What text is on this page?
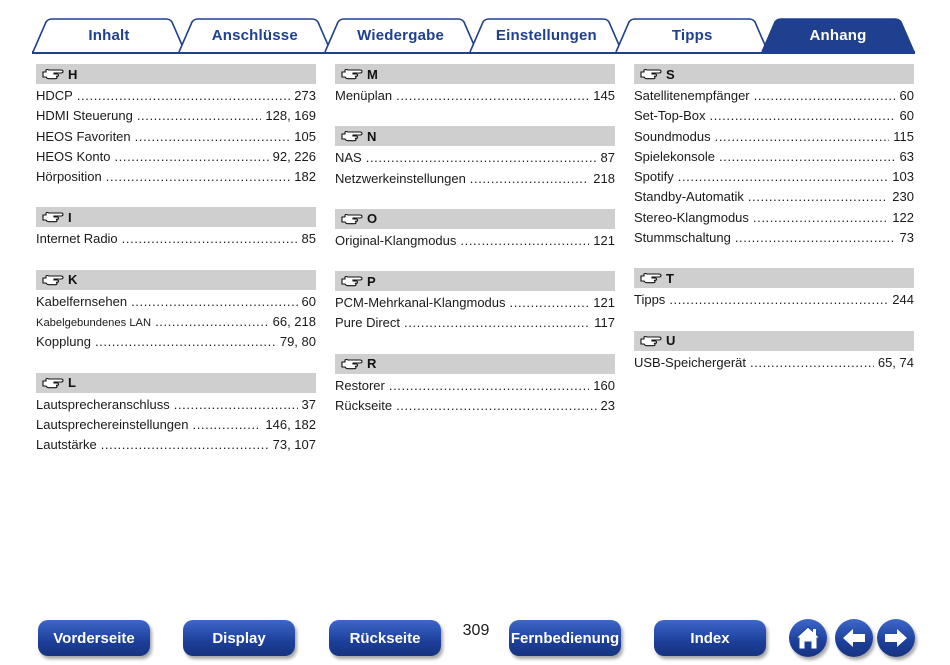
Inhalt	Anschlüsse	Wiedergabe	Einstellungen	Tipps	Anhang
H
HDCP .....	273
HDMI Steuerung .....	128, 169
HEOS Favoriten .....	105
HEOS Konto .....	92, 226
Hörposition .....	182
I
Internet Radio .....	85
K
Kabelfernsehen .....	60
Kabelgebundenes LAN .....	66, 218
Kopplung .....	79, 80
L
Lautsprecheranschluss .....	37
Lautsprechereinstellungen .....	146, 182
Lautstärke .....	73, 107
M
Menüplan .....	145
N
NAS .....	87
Netzwerkeinstellungen .....	218
O
Original-Klangmodus .....	121
P
PCM-Mehrkanal-Klangmodus .....	121
Pure Direct .....	117
R
Restorer .....	160
Rückseite .....	23
S
Satellitenempfänger .....	60
Set-Top-Box .....	60
Soundmodus .....	115
Spielekonsole .....	63
Spotify .....	103
Standby-Automatik .....	230
Stereo-Klangmodus .....	122
Stummschaltung .....	73
T
Tipps .....	244
U
USB-Speichergerät .....	65, 74
Vorderseite	Display	Rückseite	309	Fernbedienung	Index
